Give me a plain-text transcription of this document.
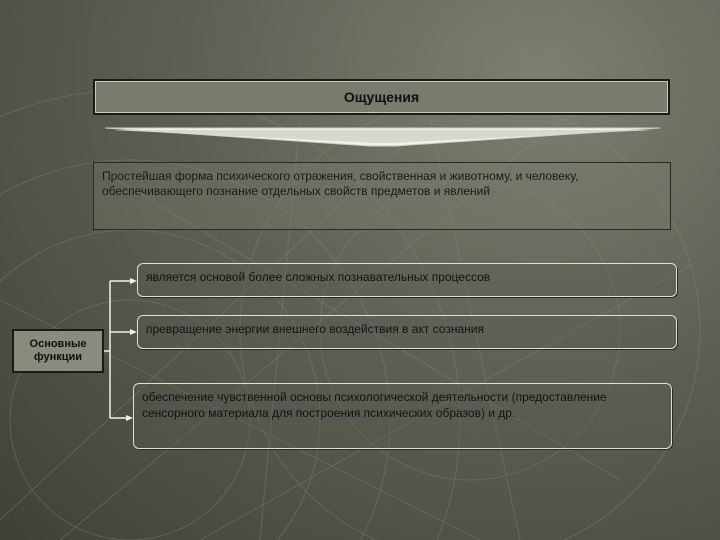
Ощущения
Простейшая форма психического отражения, свойственная и животному, и человеку, обеспечивающего познание отдельных свойств предметов и явлений
Основные
функции
является основой более сложных познавательных процессов
превращение энергии внешнего воздействия в акт сознания
обеспечение чувственной основы психологической деятельности (предоставление сенсорного материала для построения психических образов) и др.
